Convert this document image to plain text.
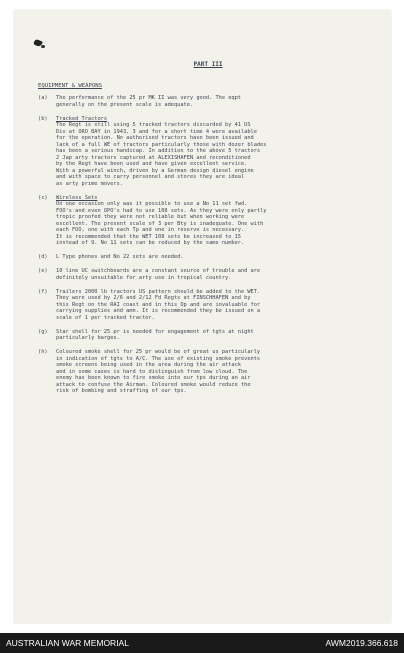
PART III
EQUIPMENT & WEAPONS
(a)	The performance of the 25 pr MK II was very good. The eqpt
generally on the present scale is adequate.
(b)	Tracked Tractors
The Regt is still using 5 tracked tractors discarded by 41 US
Div at ORO BAY in 1943. 3 and for a short time 4 were available
for the operation. No authorised tractors have been issued and
lack of a full WE of tractors particularly those with dozer blades
has been a serious handicap. In addition to the above 5 tractors
2 Jap arty tractors captured at ALEXISHAFEN and reconditioned
by the Regt have been used and have given excellent service.
With a powerful winch, driven by a German design diesel engine
and with space to carry personnel and stores they are ideal
as arty prime movers.
(c)	Wireless Sets
On one occasion only was it possible to use a No 11 set fwd.
FOO's and even OPO's had to use 108 sets. As they were only partly
tropic proofed they were not reliable but when working were
excellent. The present scale of 3 per Bty is inadequate. One with
each FOO, one with each Tp and one in reserve is necessary.
It is recommended that the WET 108 sets be increased to 15
instead of 9. No 11 sets can be reduced by the same number.
(d)	L Type phones and No 22 sets are needed.
(e)	10 line UC switchboards are a constant source of trouble and are
definitely unsuitable for arty use in tropical country.
(f)	Trailers 2000 lb tractors US pattern should be added to the WET.
They were used by 2/6 and 2/12 Fd Regts at FINSCHHAFEN and by
this Regt on the RAI coast and in this Op and are invaluable for
carrying supplies and amn. It is recommended they be issued on a
scale of 1 per tracked tractor.
(g)	Star shell for 25 pr is needed for engagement of tgts at night
particularly barges.
(h)	Coloured smoke shell for 25 pr would be of great us particularly
in indication of tgts to A/C. The use of existing smoke prevents
smoke screens being used in the area during the air attack
and in some cases is hard to distinguish from low cloud. The
enemy has been known to fire smoke into our tps during an air
attack to confuse the Airman. Coloured smoke would reduce the
risk of bombing and straffing of our tps.
AUSTRALIAN WAR MEMORIAL	AWM2019.366.618
